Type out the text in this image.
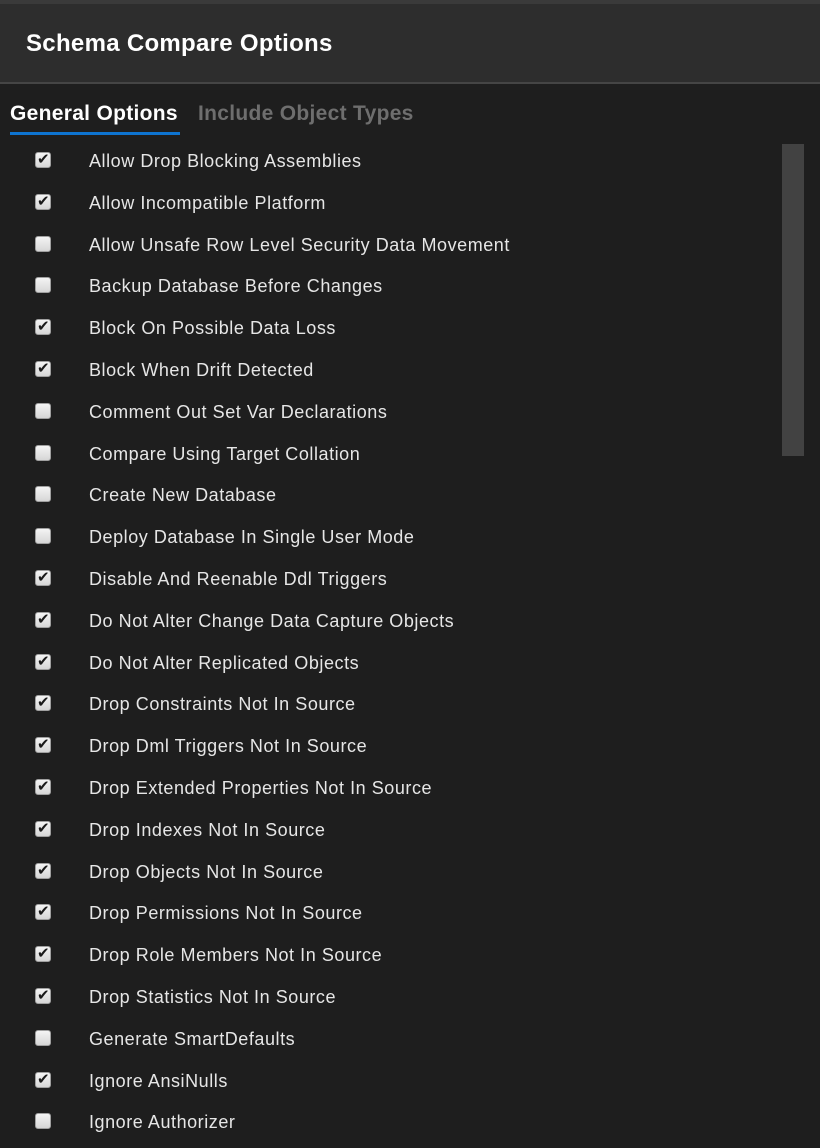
Schema Compare Options
General Options Include Object Types
✔ Allow Drop Blocking Assemblies
✔ Allow Incompatible Platform
Allow Unsafe Row Level Security Data Movement
Backup Database Before Changes
✔ Block On Possible Data Loss
✔ Block When Drift Detected
Comment Out Set Var Declarations
Compare Using Target Collation
Create New Database
Deploy Database In Single User Mode
✔ Disable And Reenable Ddl Triggers
✔ Do Not Alter Change Data Capture Objects
✔ Do Not Alter Replicated Objects
✔ Drop Constraints Not In Source
✔ Drop Dml Triggers Not In Source
✔ Drop Extended Properties Not In Source
✔ Drop Indexes Not In Source
✔ Drop Objects Not In Source
✔ Drop Permissions Not In Source
✔ Drop Role Members Not In Source
✔ Drop Statistics Not In Source
Generate SmartDefaults
✔ Ignore AnsiNulls
Ignore Authorizer
